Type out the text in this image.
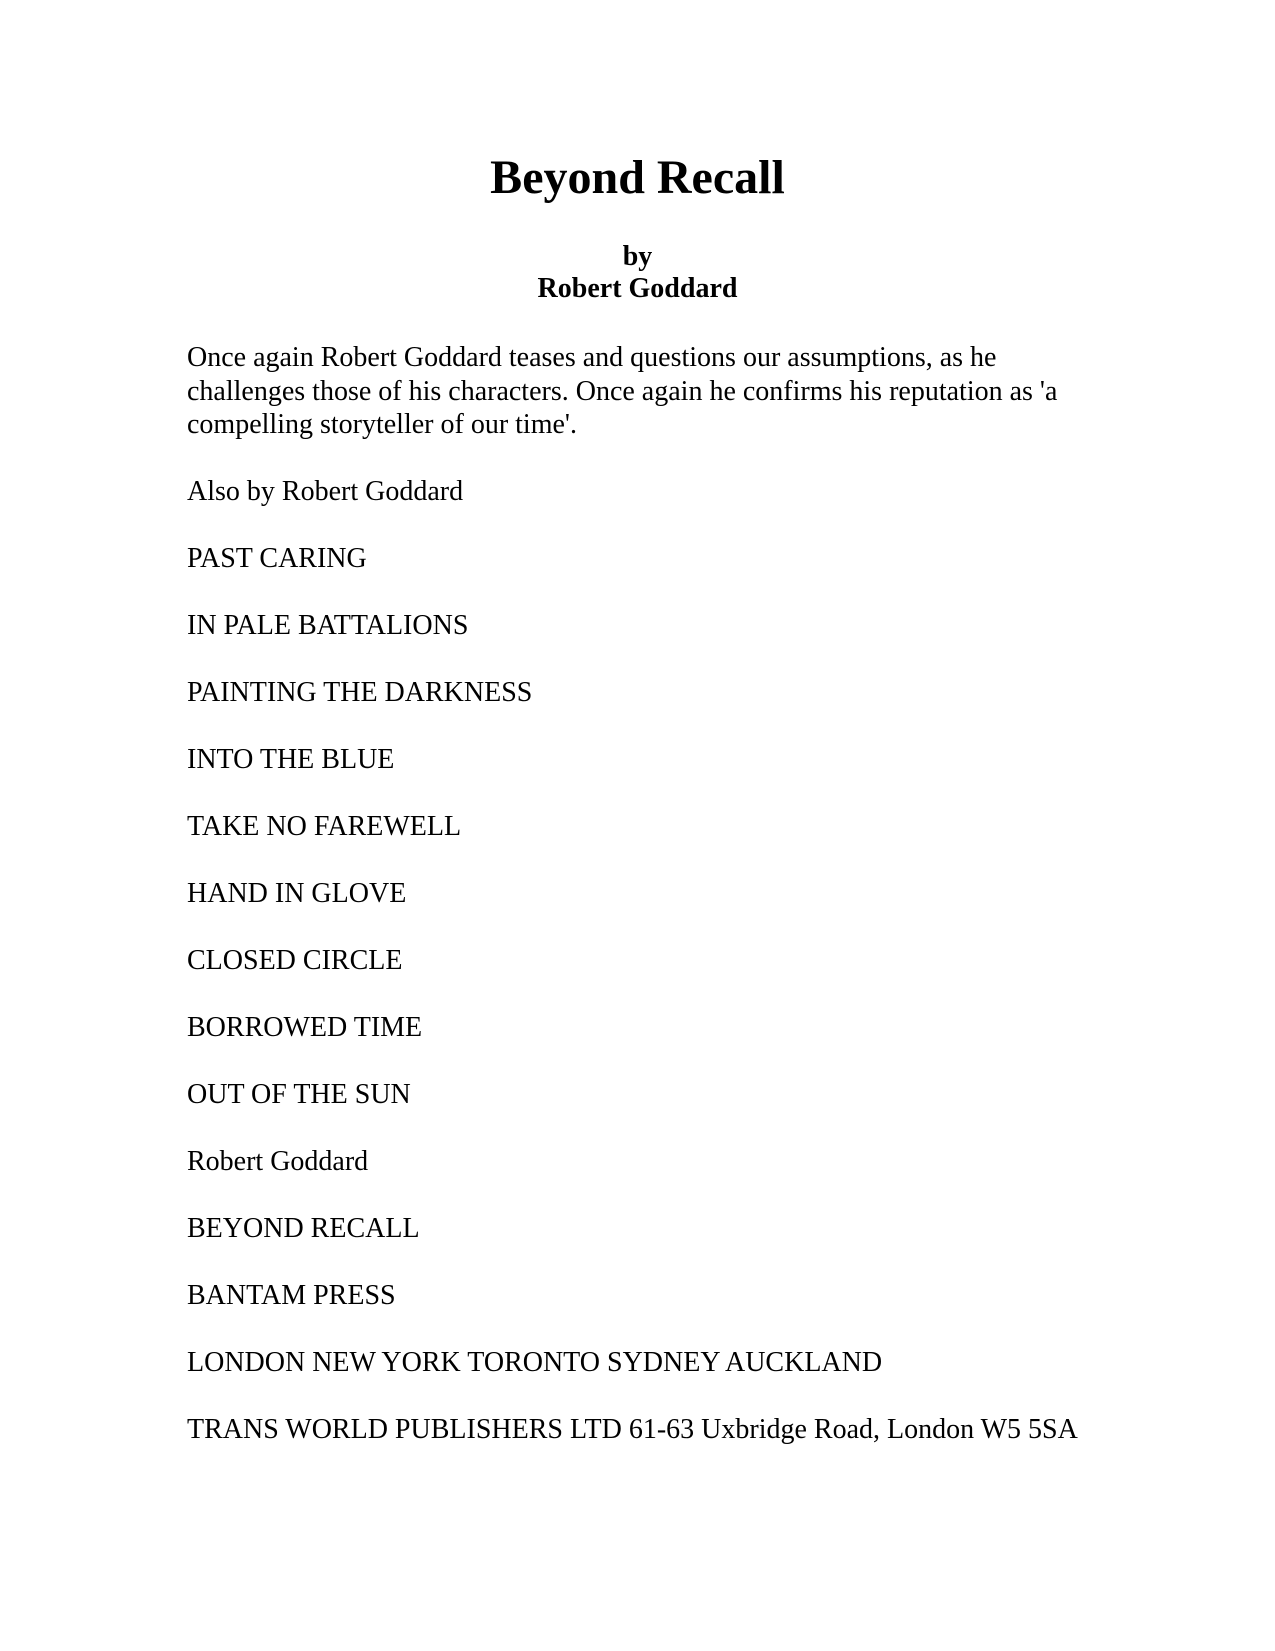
Beyond Recall
by
Robert Goddard

Once again Robert Goddard teases and questions our assumptions, as he challenges those of his characters. Once again he confirms his reputation as 'a compelling storyteller of our time'.

Also by Robert Goddard

PAST CARING

IN PALE BATTALIONS

PAINTING THE DARKNESS

INTO THE BLUE

TAKE NO FAREWELL

HAND IN GLOVE

CLOSED CIRCLE

BORROWED TIME

OUT OF THE SUN

Robert Goddard

BEYOND RECALL

BANTAM PRESS

LONDON NEW YORK TORONTO SYDNEY AUCKLAND

TRANS WORLD PUBLISHERS LTD 61-63 Uxbridge Road, London W5 5SA
